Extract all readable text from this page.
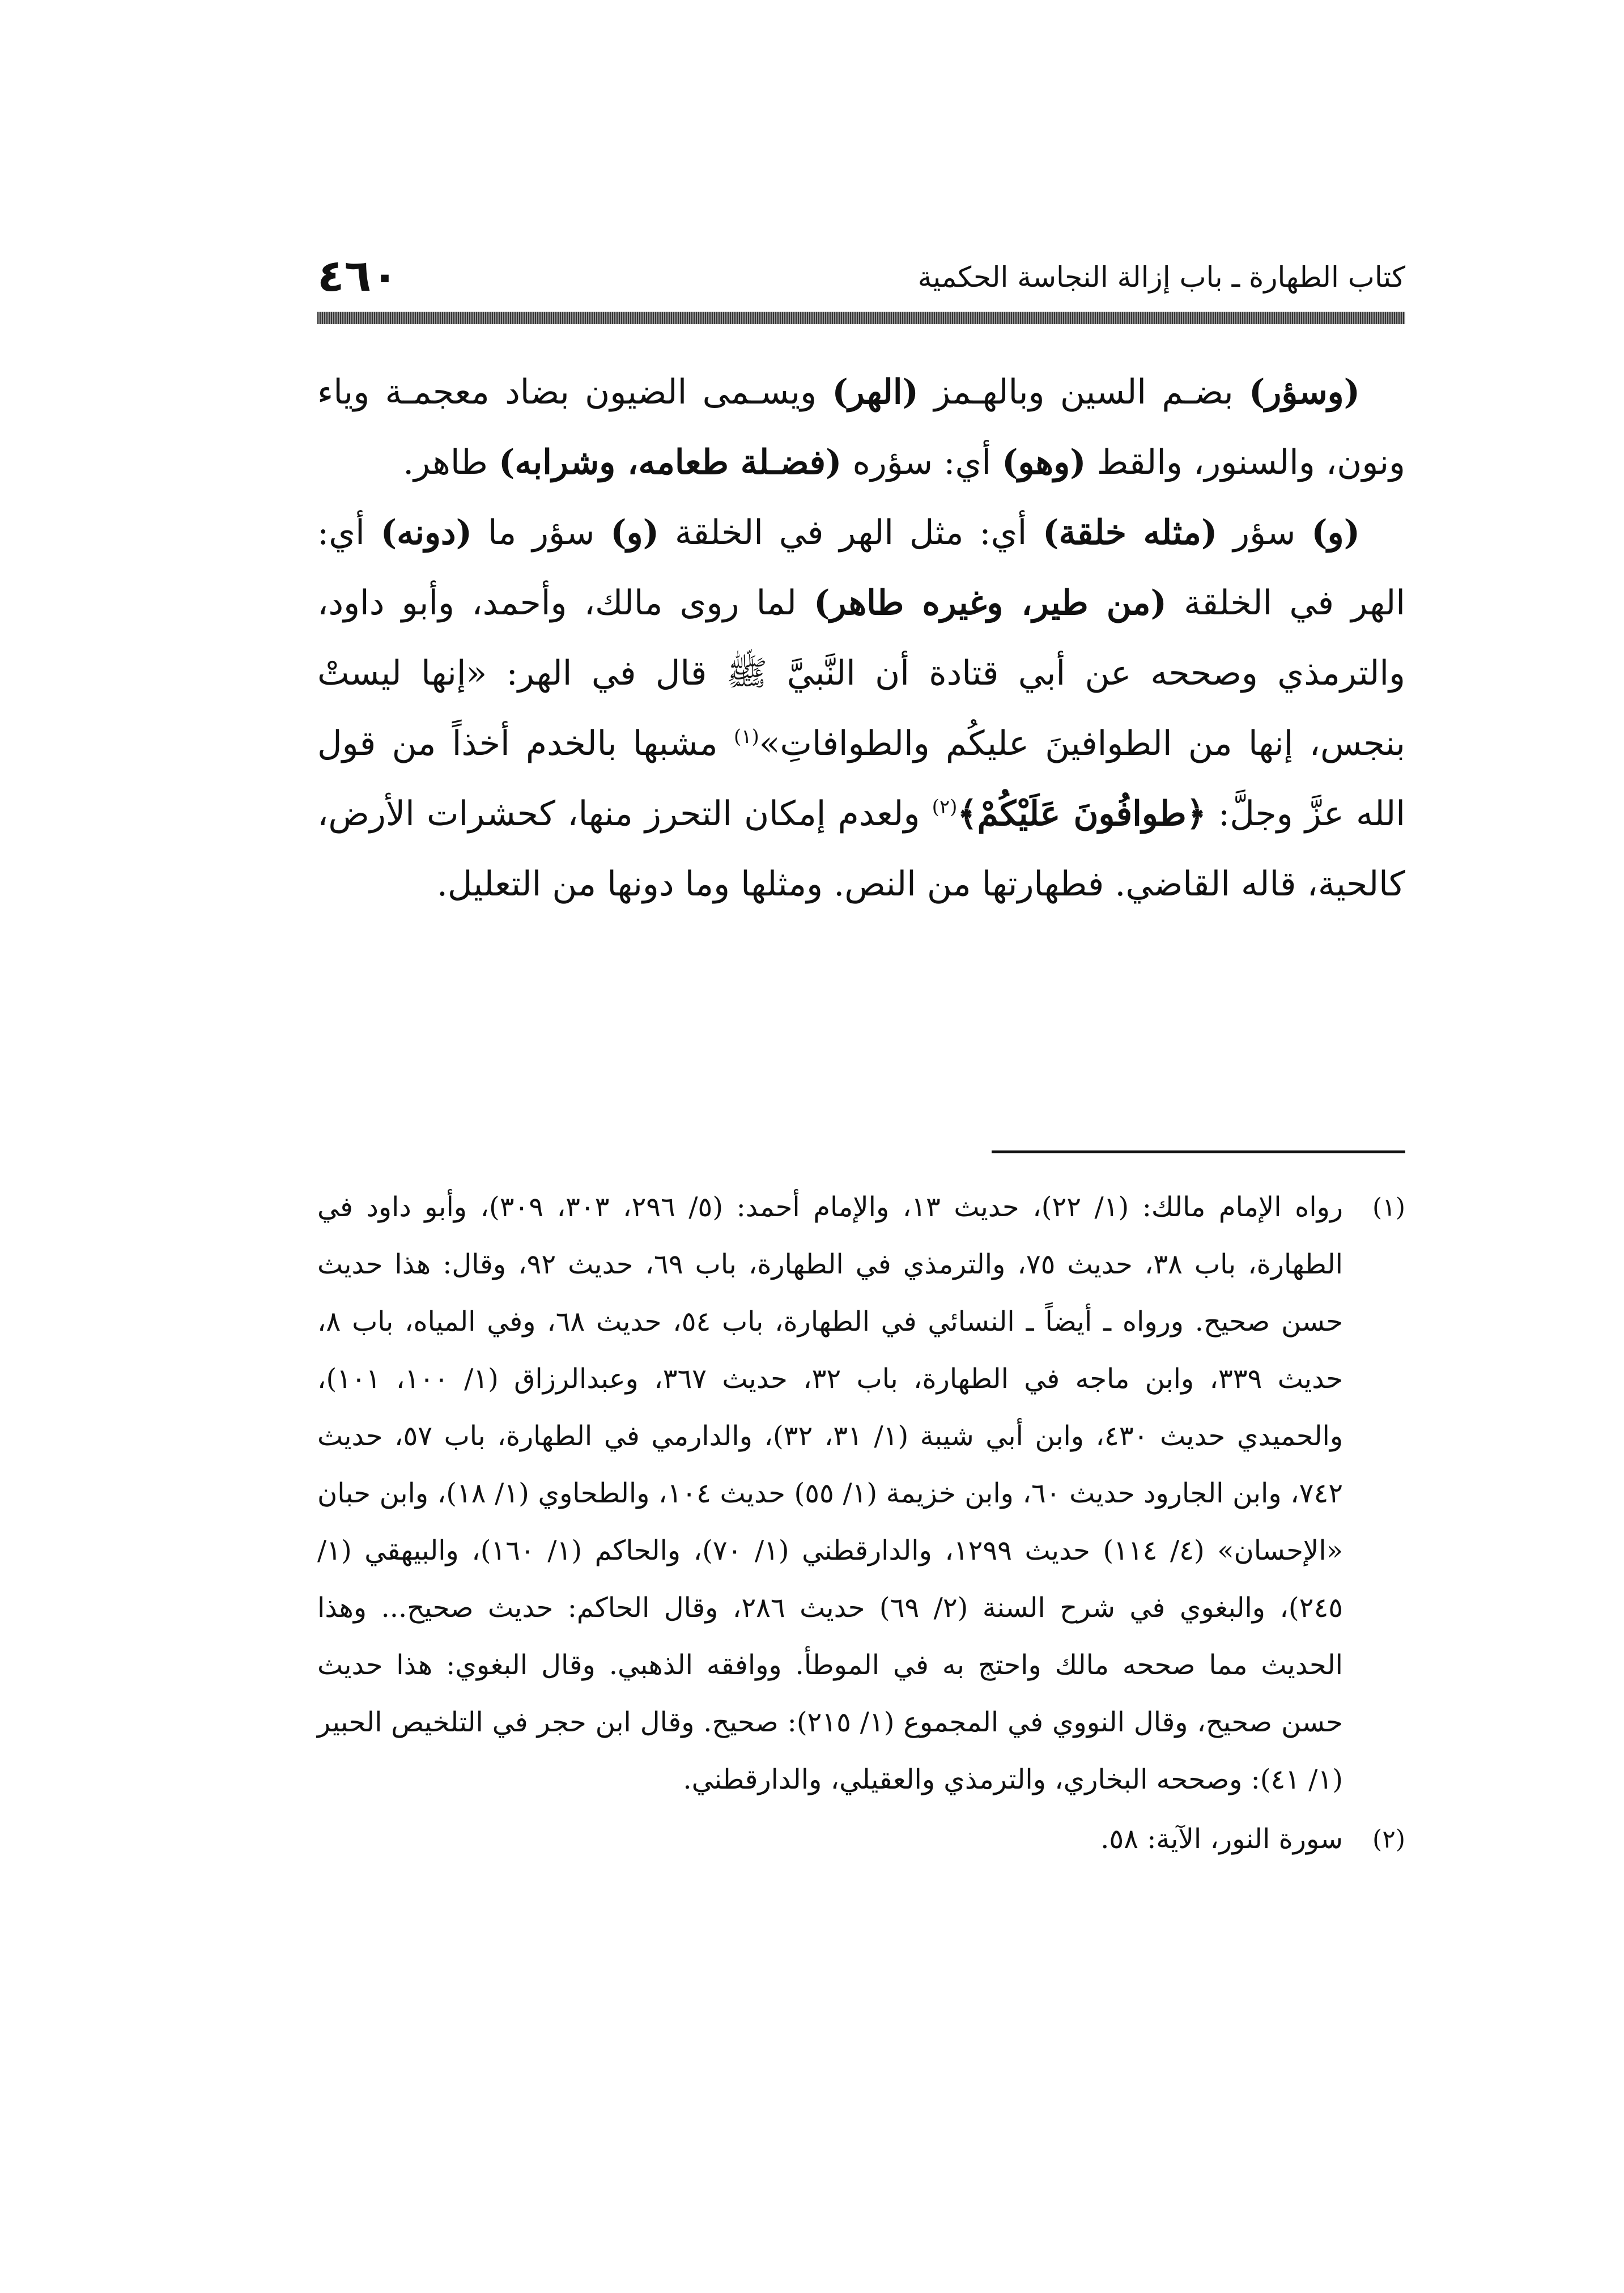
كتاب الطهارة ـ باب إزالة النجاسة الحكمية
٤٦٠

(وسؤر) بضـم السين وبالهـمز (الهر) ويسـمى الضيون بضاد معجمـة وياء ونون، والسنور، والقط (وهو) أي: سؤره (فضـلة طعامه، وشرابه) طاهر.

(و) سؤر (مثله خلقة) أي: مثل الهر في الخلقة (و) سؤر ما (دونه) أي: الهر في الخلقة (من طير، وغيره طاهر) لما روى مالك، وأحمد، وأبو داود، والترمذي وصححه عن أبي قتادة أن النَّبيَّ ﷺ قال في الهر: «إنها ليستْ بنجس، إنها من الطوافينَ عليكُم والطوافاتِ»$^{(١)}$ مشبها بالخدم أخذاً من قول الله عزَّ وجلَّ: ﴿طوافُونَ عَلَيْكُمْ﴾$^{(٢)}$ ولعدم إمكان التحرز منها، كحشرات الأرض، كالحية، قاله القاضي. فطهارتها من النص. ومثلها وما دونها من التعليل.

(١)
رواه الإمام مالك: (١/ ٢٢)، حديث ١٣، والإمام أحمد: (٥/ ٢٩٦، ٣٠٣، ٣٠٩)، وأبو داود في الطهارة، باب ٣٨، حديث ٧٥، والترمذي في الطهارة، باب ٦٩، حديث ٩٢، وقال: هذا حديث حسن صحيح. ورواه ـ أيضاً ـ النسائي في الطهارة، باب ٥٤، حديث ٦٨، وفي المياه، باب ٨، حديث ٣٣٩، وابن ماجه في الطهارة، باب ٣٢، حديث ٣٦٧، وعبدالرزاق (١/ ١٠٠، ١٠١)، والحميدي حديث ٤٣٠، وابن أبي شيبة (١/ ٣١، ٣٢)، والدارمي في الطهارة، باب ٥٧، حديث ٧٤٢، وابن الجارود حديث ٦٠، وابن خزيمة (١/ ٥٥) حديث ١٠٤، والطحاوي (١/ ١٨)، وابن حبان «الإحسان» (٤/ ١١٤) حديث ١٢٩٩، والدارقطني (١/ ٧٠)، والحاكم (١/ ١٦٠)، والبيهقي (١/ ٢٤٥)، والبغوي في شرح السنة (٢/ ٦٩) حديث ٢٨٦، وقال الحاكم: حديث صحيح... وهذا الحديث مما صححه مالك واحتج به في الموطأ. ووافقه الذهبي. وقال البغوي: هذا حديث حسن صحيح، وقال النووي في المجموع (١/ ٢١٥): صحيح. وقال ابن حجر في التلخيص الحبير (١/ ٤١): وصححه البخاري، والترمذي والعقيلي، والدارقطني.
(٢)
سورة النور، الآية: ٥٨.
